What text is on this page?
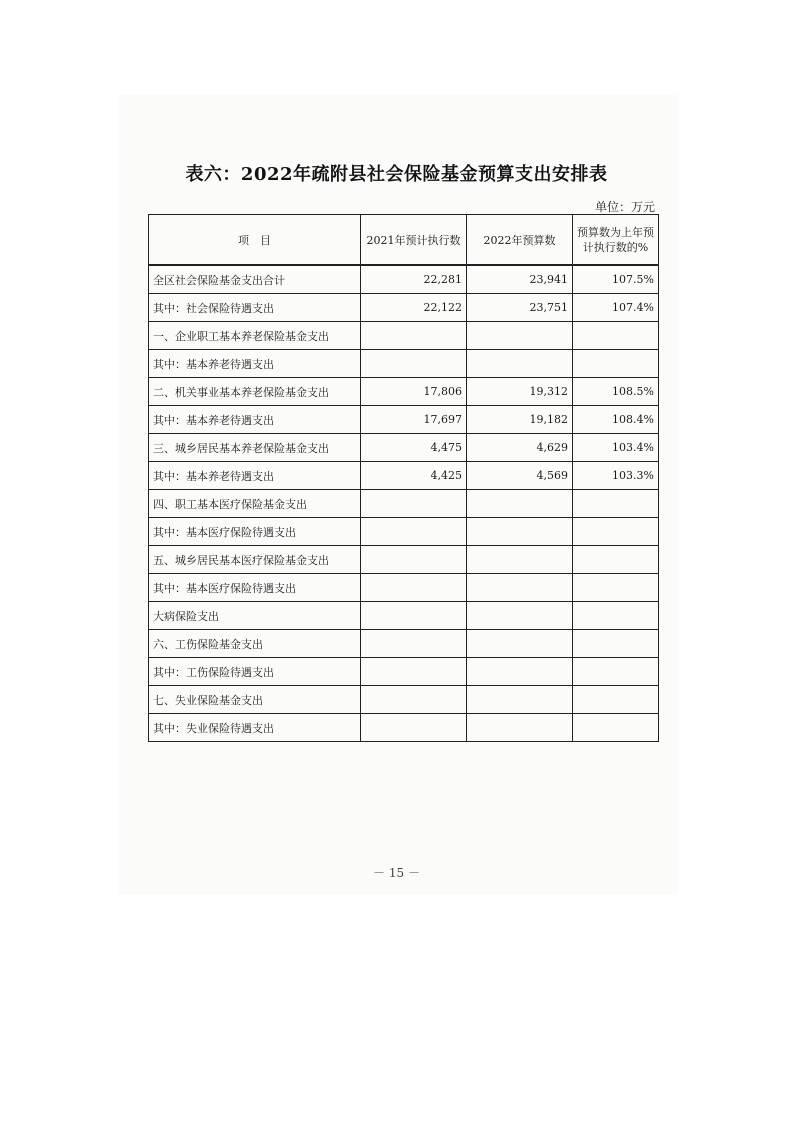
表六：2022年疏附县社会保险基金预算支出安排表
单位：万元
项　目	2021年预计执行数	2022年预算数	预算数为上年预计执行数的%
全区社会保险基金支出合计	22,281	23,941	107.5%
其中：社会保险待遇支出	22,122	23,751	107.4%
一、企业职工基本养老保险基金支出			
其中：基本养老待遇支出			
二、机关事业基本养老保险基金支出	17,806	19,312	108.5%
其中：基本养老待遇支出	17,697	19,182	108.4%
三、城乡居民基本养老保险基金支出	4,475	4,629	103.4%
其中：基本养老待遇支出	4,425	4,569	103.3%
四、职工基本医疗保险基金支出			
其中：基本医疗保险待遇支出			
五、城乡居民基本医疗保险基金支出			
其中：基本医疗保险待遇支出			
大病保险支出			
六、工伤保险基金支出			
其中：工伤保险待遇支出			
七、失业保险基金支出			
其中：失业保险待遇支出			
－ 15 －
